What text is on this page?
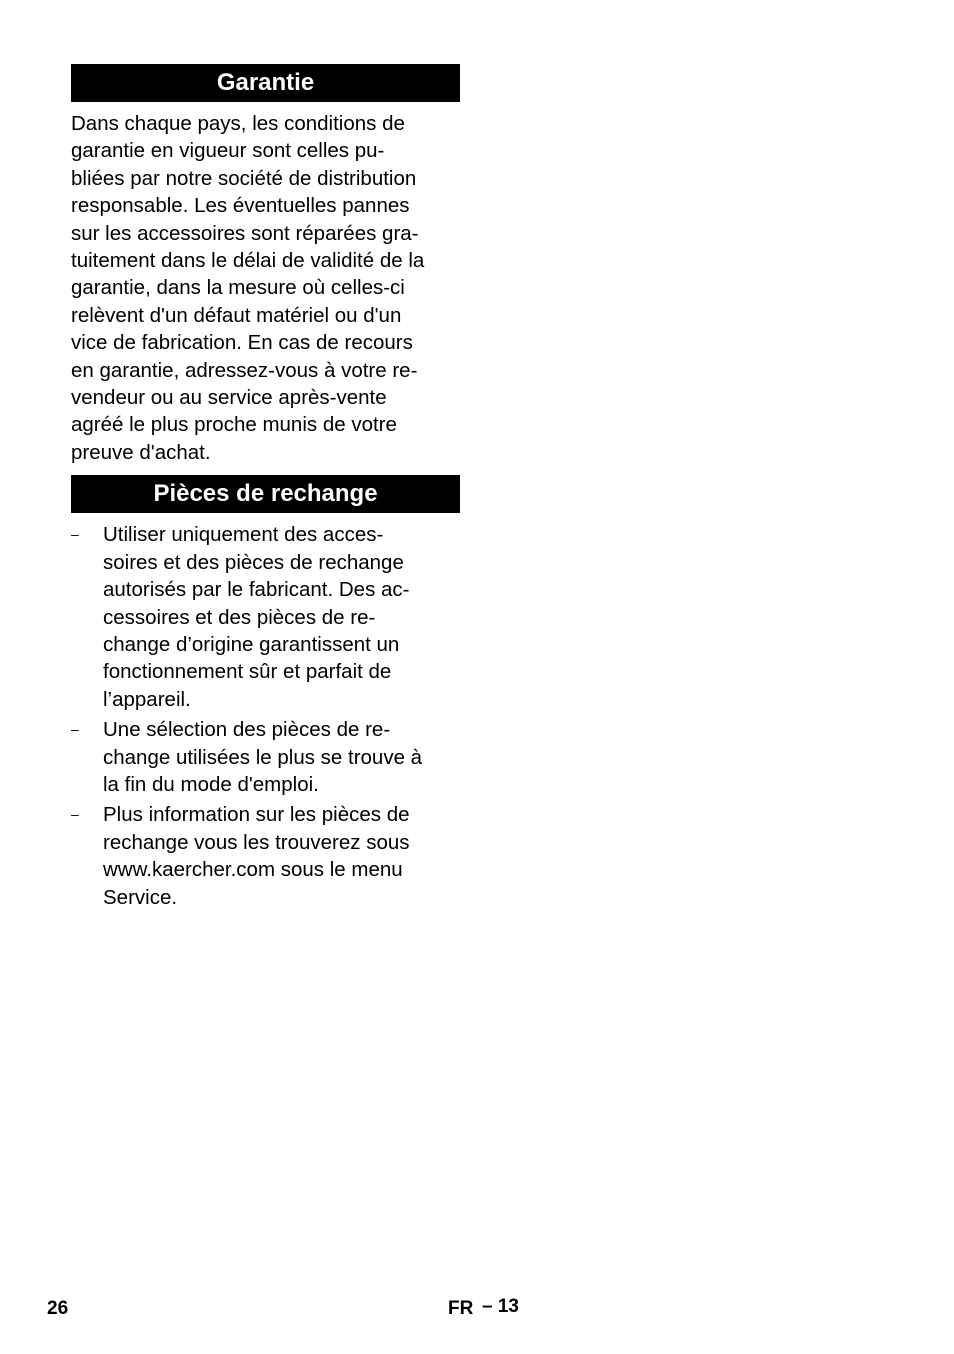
Garantie

Dans chaque pays, les conditions de
garantie en vigueur sont celles pu-
bliées par notre société de distribution
responsable. Les éventuelles pannes
sur les accessoires sont réparées gra-
tuitement dans le délai de validité de la
garantie, dans la mesure où celles-ci
relèvent d'un défaut matériel ou d'un
vice de fabrication. En cas de recours
en garantie, adressez-vous à votre re-
vendeur ou au service après-vente
agréé le plus proche munis de votre
preuve d'achat.

Pièces de rechange
– Utiliser uniquement des acces-
soires et des pièces de rechange
autorisés par le fabricant. Des ac-
cessoires et des pièces de re-
change d’origine garantissent un
fonctionnement sûr et parfait de
l’appareil.
– Une sélection des pièces de re-
change utilisées le plus se trouve à
la fin du mode d'emploi.
– Plus information sur les pièces de
rechange vous les trouverez sous
www.kaercher.com sous le menu
Service.
26	FR – 13
